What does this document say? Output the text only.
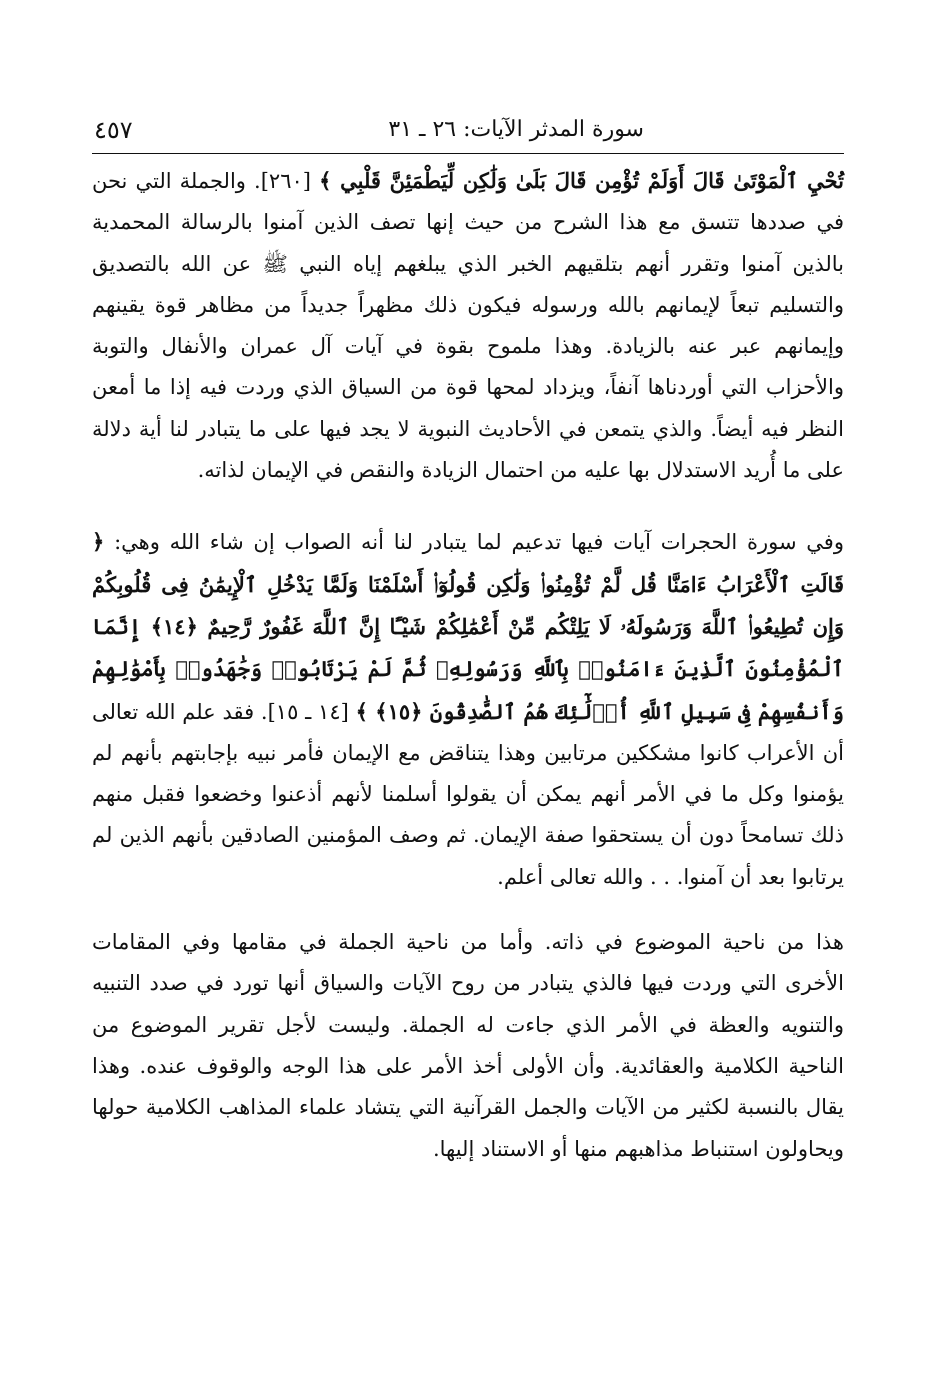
سورة المدثر الآيات: ٢٦ ـ ٣١
٤٥٧

تُحْيِ ٱلْمَوْتَىٰ قَالَ أَوَلَمْ تُؤْمِن قَالَ بَلَىٰ وَلَٰكِن لِّيَطْمَئِنَّ قَلْبِي ﴾ [٢٦٠]. والجملة التي نحن في صددها تتسق مع هذا الشرح من حيث إنها تصف الذين آمنوا بالرسالة المحمدية بالذين آمنوا وتقرر أنهم بتلقيهم الخبر الذي يبلغهم إياه النبي ﷺ عن الله بالتصديق والتسليم تبعاً لإيمانهم بالله ورسوله فيكون ذلك مظهراً جديداً من مظاهر قوة يقينهم وإيمانهم عبر عنه بالزيادة. وهذا ملموح بقوة في آيات آل عمران والأنفال والتوبة والأحزاب التي أوردناها آنفاً، ويزداد لمحها قوة من السياق الذي وردت فيه إذا ما أمعن النظر فيه أيضاً. والذي يتمعن في الأحاديث النبوية لا يجد فيها على ما يتبادر لنا أية دلالة على ما أُريد الاستدلال بها عليه من احتمال الزيادة والنقص في الإيمان لذاته.

وفي سورة الحجرات آيات فيها تدعيم لما يتبادر لنا أنه الصواب إن شاء الله وهي: ﴿ قَالَتِ ٱلْأَعْرَابُ ءَامَنَّا قُل لَّمْ تُؤْمِنُوا۟ وَلَٰكِن قُولُوٓا۟ أَسْلَمْنَا وَلَمَّا يَدْخُلِ ٱلْإِيمَٰنُ فِى قُلُوبِكُمْ وَإِن تُطِيعُوا۟ ٱللَّهَ وَرَسُولَهُۥ لَا يَلِتْكُم مِّنْ أَعْمَٰلِكُمْ شَيْـًٔا إِنَّ ٱللَّهَ غَفُورٌ رَّحِيمٌ ﴿١٤﴾ إِنَّمَا ٱلْمُؤْمِنُونَ ٱلَّذِينَ ءَامَنُوا۟ بِٱللَّهِ وَرَسُولِهِۦ ثُمَّ لَمْ يَرْتَابُوا۟ وَجَٰهَدُوا۟ بِأَمْوَٰلِهِمْ وَأَنفُسِهِمْ فِى سَبِيلِ ٱللَّهِ أُو۟لَٰٓئِكَ هُمُ ٱلصَّٰدِقُونَ ﴿١٥﴾ ﴾ [١٤ ـ ١٥]. فقد علم الله تعالى أن الأعراب كانوا مشككين مرتابين وهذا يتناقض مع الإيمان فأمر نبيه بإجابتهم بأنهم لم يؤمنوا وكل ما في الأمر أنهم يمكن أن يقولوا أسلمنا لأنهم أذعنوا وخضعوا فقبل منهم ذلك تسامحاً دون أن يستحقوا صفة الإيمان. ثم وصف المؤمنين الصادقين بأنهم الذين لم يرتابوا بعد أن آمنوا. . . والله تعالى أعلم.

هذا من ناحية الموضوع في ذاته. وأما من ناحية الجملة في مقامها وفي المقامات الأخرى التي وردت فيها فالذي يتبادر من روح الآيات والسياق أنها تورد في صدد التنبيه والتنويه والعظة في الأمر الذي جاءت له الجملة. وليست لأجل تقرير الموضوع من الناحية الكلامية والعقائدية. وأن الأولى أخذ الأمر على هذا الوجه والوقوف عنده. وهذا يقال بالنسبة لكثير من الآيات والجمل القرآنية التي يتشاد علماء المذاهب الكلامية حولها ويحاولون استنباط مذاهبهم منها أو الاستناد إليها.
